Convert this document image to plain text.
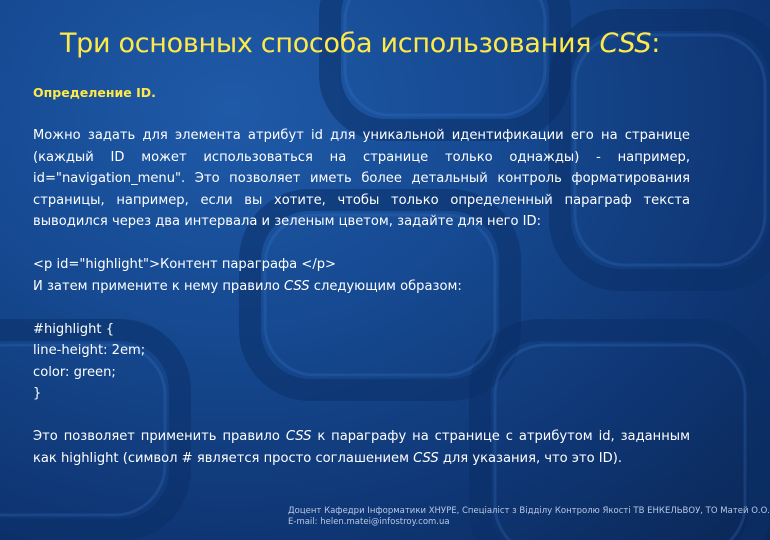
Три основных способа использования CSS:

Определение ID.

Можно задать для элемента атрибут id для уникальной идентификации его на странице (каждый ID может использоваться на странице только однажды) - например, id="navigation_menu". Это позволяет иметь более детальный контроль форматирования страницы, например, если вы хотите, чтобы только определенный параграф текста выводился через два интервала и зеленым цветом, задайте для него ID:

<p id="highlight">Контент параграфа </p>

И затем примените к нему правило CSS следующим образом:

#highlight {

line-height: 2em;

color: green;

}

Это позволяет применить правило CSS к параграфу на странице с атрибутом id, заданным как highlight (символ # является просто соглашением CSS для указания, что это ID).

Доцент Кафедри Інформатики ХНУРЕ, Спеціаліст з Відділу Контролю Якості ТВ ЕНКЕЛЬВОУ, ТО Матей О.О.
E-mail: helen.matei@infostroy.com.ua
